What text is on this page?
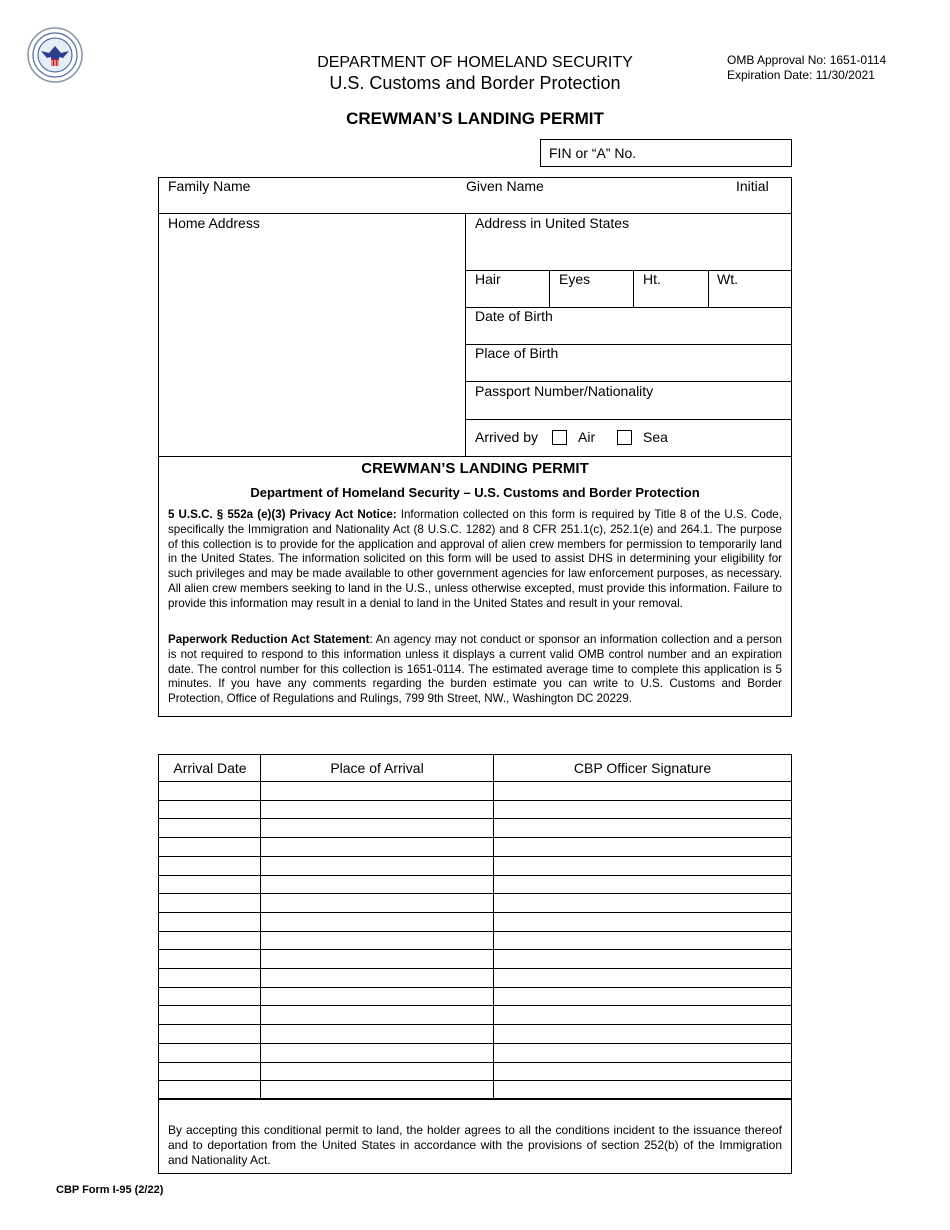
DEPARTMENT OF HOMELAND SECURITY
U.S. Customs and Border Protection
OMB Approval No: 1651-0114
Expiration Date: 11/30/2021
CREWMAN’S LANDING PERMIT
FIN or “A” No.
Family Name	Given Name	Initial
Home Address	Address in United States
Hair	Eyes	Ht.	Wt.
Date of Birth
Place of Birth
Passport Number/Nationality
Arrived by	Air	Sea
CREWMAN’S LANDING PERMIT
Department of Homeland Security – U.S. Customs and Border Protection
5 U.S.C. § 552a (e)(3) Privacy Act Notice: Information collected on this form is required by Title 8 of the U.S. Code, specifically the Immigration and Nationality Act (8 U.S.C. 1282) and 8 CFR 251.1(c), 252.1(e) and 264.1. The purpose of this collection is to provide for the application and approval of alien crew members for permission to temporarily land in the United States. The information solicited on this form will be used to assist DHS in determining your eligibility for such privileges and may be made available to other government agencies for law enforcement purposes, as necessary. All alien crew members seeking to land in the U.S., unless otherwise excepted, must provide this information. Failure to provide this information may result in a denial to land in the United States and result in your removal.
Paperwork Reduction Act Statement: An agency may not conduct or sponsor an information collection and a person is not required to respond to this information unless it displays a current valid OMB control number and an expiration date. The control number for this collection is 1651-0114. The estimated average time to complete this application is 5 minutes. If you have any comments regarding the burden estimate you can write to U.S. Customs and Border Protection, Office of Regulations and Rulings, 799 9th Street, NW., Washington DC 20229.
Arrival Date	Place of Arrival	CBP Officer Signature
By accepting this conditional permit to land, the holder agrees to all the conditions incident to the issuance thereof and to deportation from the United States in accordance with the provisions of section 252(b) of the Immigration and Nationality Act.
CBP Form I-95 (2/22)
